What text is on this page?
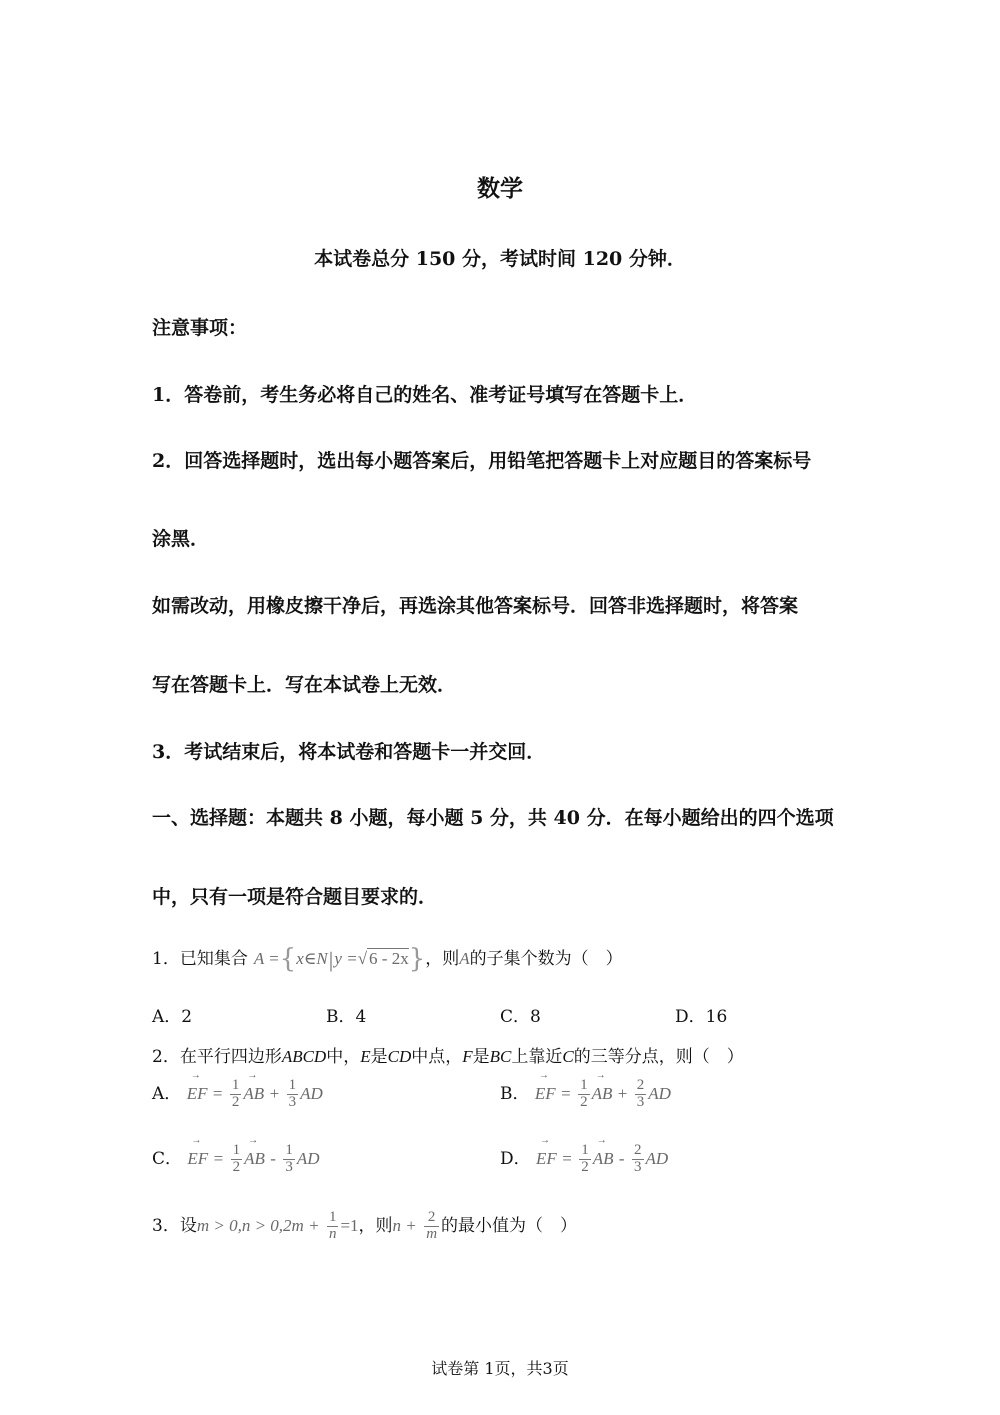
数学
本试卷总分 150 分，考试时间 120 分钟．
注意事项：
1．答卷前，考生务必将自己的姓名、准考证号填写在答题卡上．
2．回答选择题时，选出每小题答案后，用铅笔把答题卡上对应题目的答案标号
涂黑．
如需改动，用橡皮擦干净后，再选涂其他答案标号．回答非选择题时，将答案
写在答题卡上．写在本试卷上无效．
3．考试结束后，将本试卷和答题卡一并交回．
一、选择题：本题共 8 小题，每小题 5 分，共 40 分．在每小题给出的四个选项
中，只有一项是符合题目要求的．
1．已知集合 A ={x∈N|y =√ 6 - 2x}，则A的子集个数为（　）
A．2	B．4	C．8	D．16
2．在平行四边形ABCD中，E是CD中点，F是BC上靠近C的三等分点，则（　）
A． → EF = $\frac{1}{2}$ → AB + $\frac{1}{3}$ AD	B． → EF = $\frac{1}{2}$ → AB + $\frac{2}{3}$ AD
C． → EF = $\frac{1}{2}$ → AB - $\frac{1}{3}$ AD	D． → EF = $\frac{1}{2}$ → AB - $\frac{2}{3}$ AD
3．设$m > 0,n > 0,2m + \frac{1}{n} =1$，则$n + \frac{2}{m}$ 的最小值为（　）
试卷第 1页，共3页
